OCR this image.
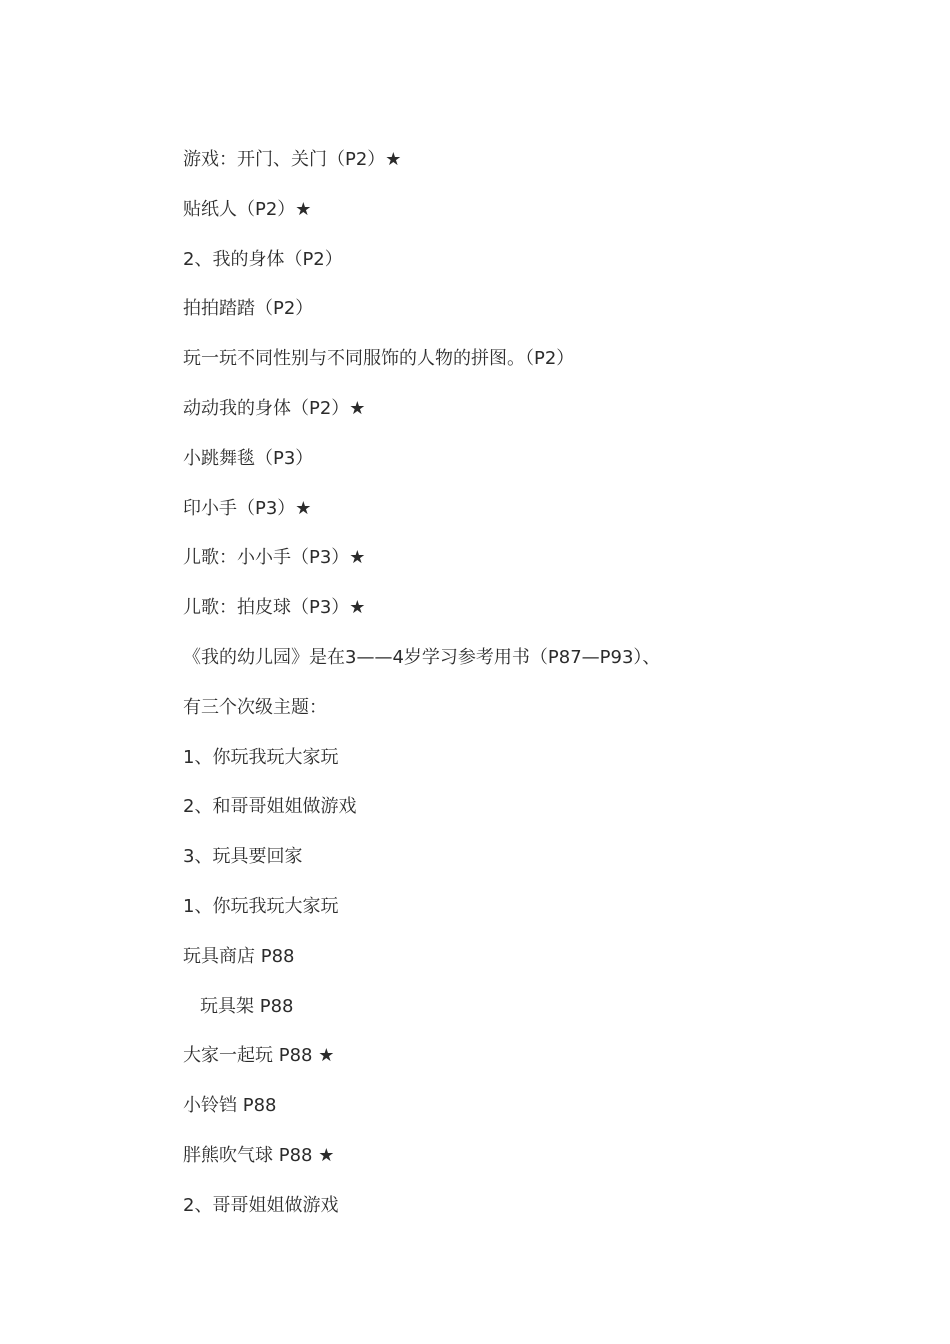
游戏：开门、关门（P2）★
贴纸人（P2）★
2、我的身体（P2）
拍拍踏踏（P2）
玩一玩不同性别与不同服饰的人物的拼图。（P2）
动动我的身体（P2）★
小跳舞毯（P3）
印小手（P3）★
儿歌：小小手（P3）★
儿歌：拍皮球（P3）★
《我的幼儿园》是在3——4岁学习参考用书（P87—P93）、
有三个次级主题：
1、你玩我玩大家玩
2、和哥哥姐姐做游戏
3、玩具要回家
1、你玩我玩大家玩
玩具商店 P88
玩具架 P88
大家一起玩 P88 ★
小铃铛 P88
胖熊吹气球 P88 ★
2、哥哥姐姐做游戏
